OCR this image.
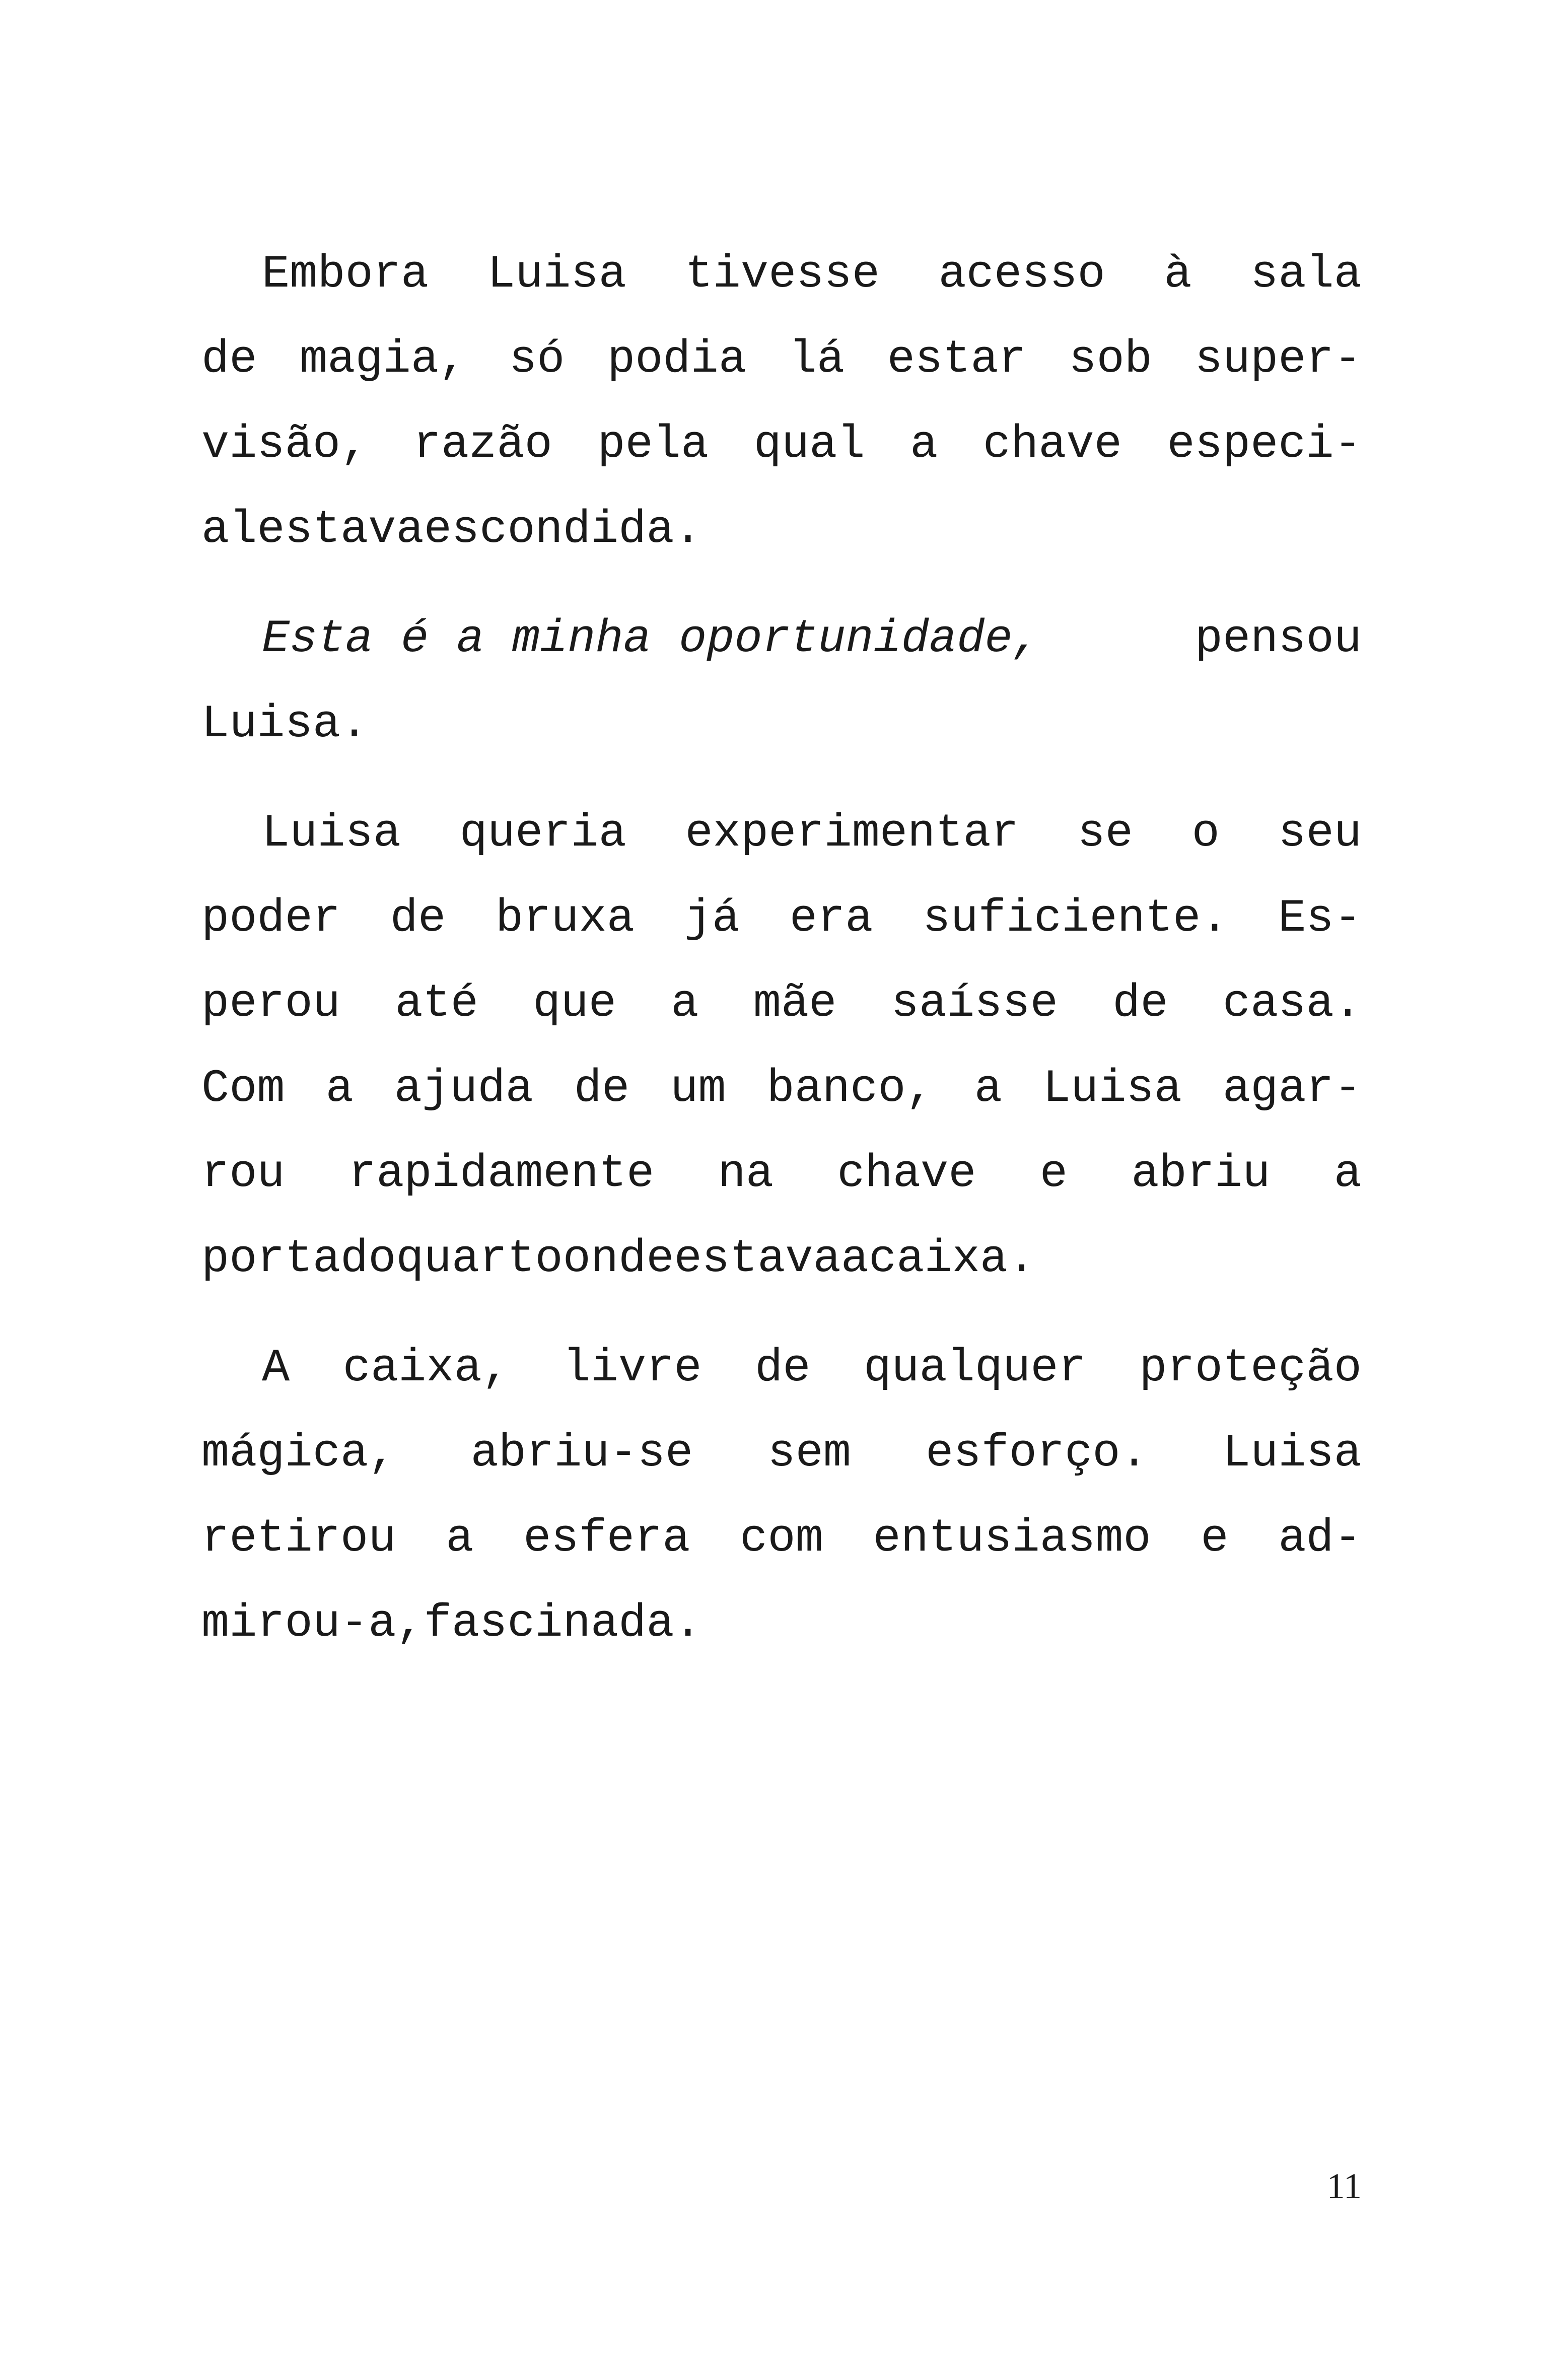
Embora Luisa tivesse acesso à sala
de magia, só podia lá estar sob super-
visão, razão pela qual a chave especi-
al estava escondida.
Esta é a minha oportunidade,	pensou
Luisa.
Luisa queria experimentar se o seu
poder de bruxa já era suficiente. Es-
perou até que a mãe saísse de casa.
Com a ajuda de um banco, a Luisa agar-
rou rapidamente na chave e abriu a
porta do quarto onde estava a caixa.
A caixa, livre de qualquer proteção
mágica, abriu-se sem esforço. Luisa
retirou a esfera com entusiasmo e ad-
mirou-a, fascinada.
11
